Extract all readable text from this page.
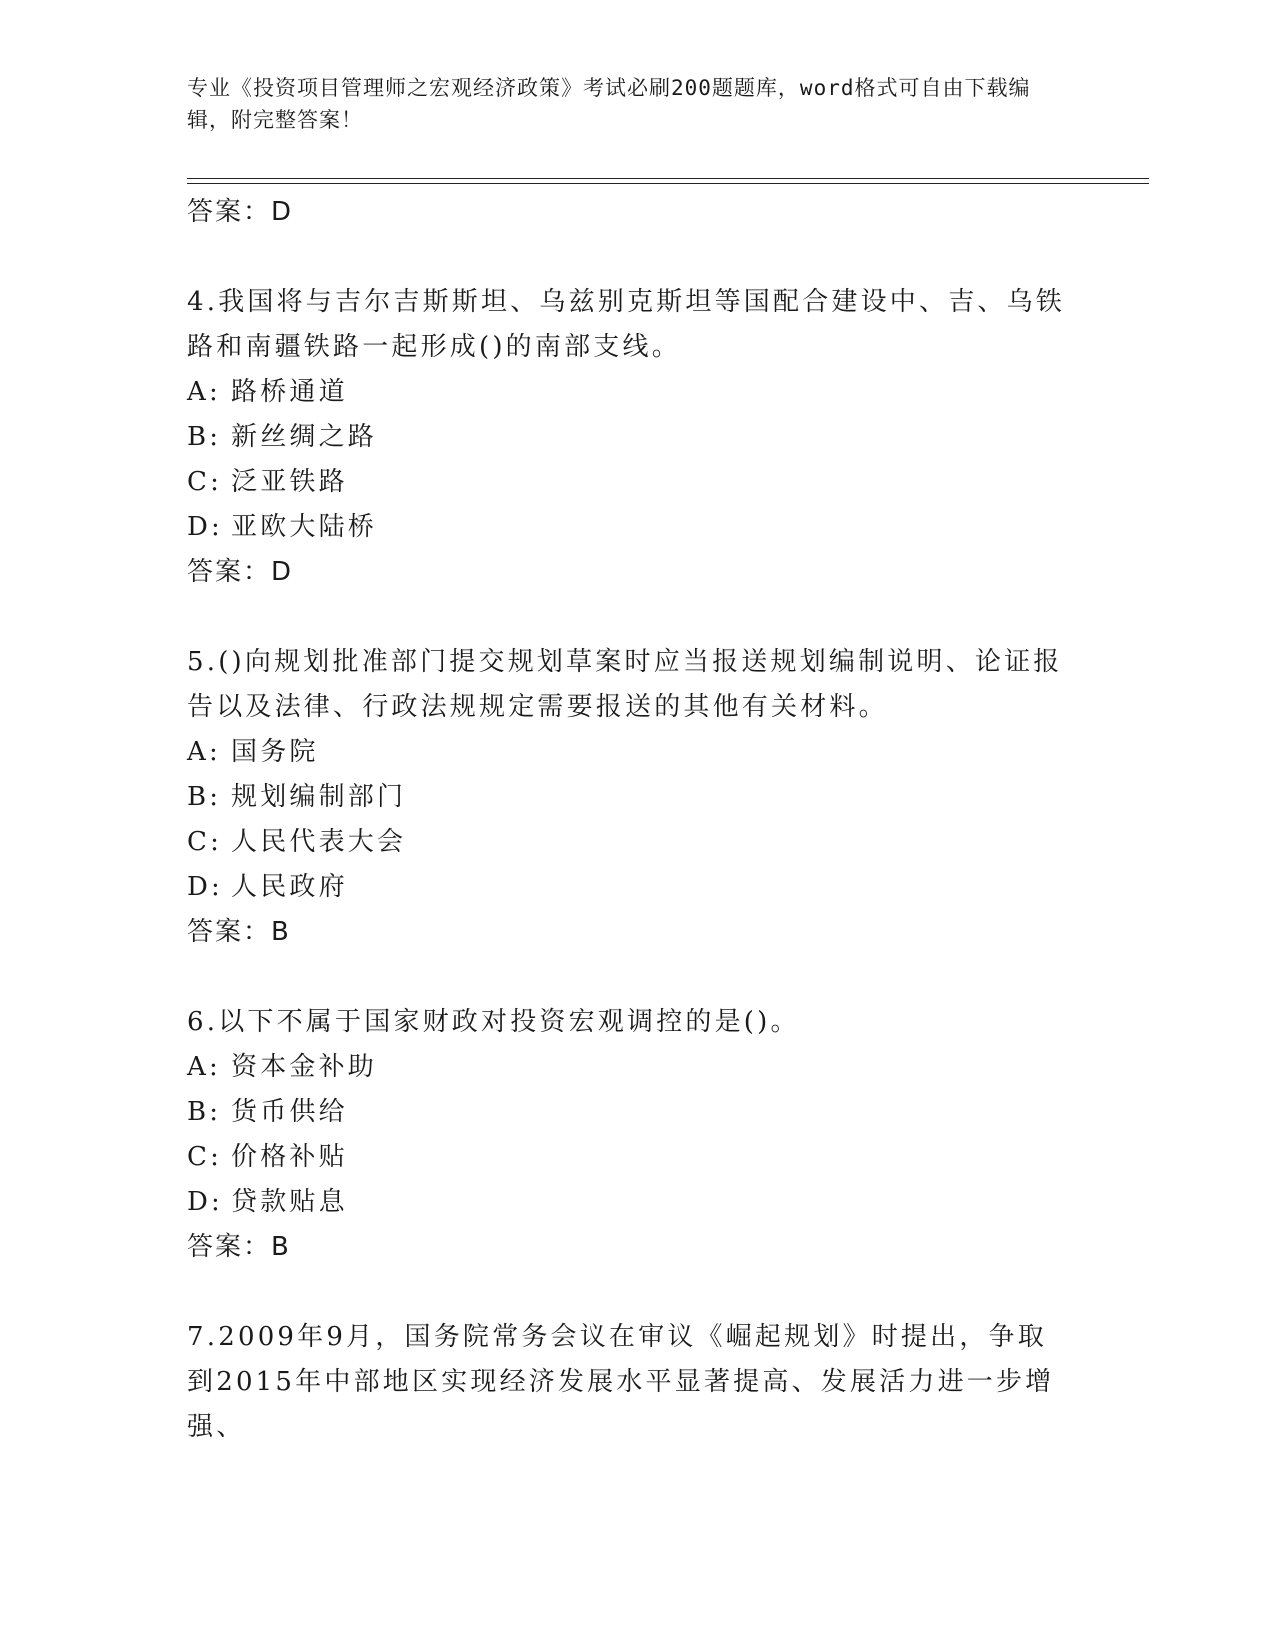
专业《投资项目管理师之宏观经济政策》考试必刷200题题库，word格式可自由下载编辑，附完整答案！
答案：D
4.我国将与吉尔吉斯斯坦、乌兹别克斯坦等国配合建设中、吉、乌铁路和南疆铁路一起形成()的南部支线。
A: 路桥通道
B: 新丝绸之路
C: 泛亚铁路
D: 亚欧大陆桥
答案：D
5.()向规划批准部门提交规划草案时应当报送规划编制说明、论证报告以及法律、行政法规规定需要报送的其他有关材料。
A: 国务院
B: 规划编制部门
C: 人民代表大会
D: 人民政府
答案：B
6.以下不属于国家财政对投资宏观调控的是()。
A: 资本金补助
B: 货币供给
C: 价格补贴
D: 贷款贴息
答案：B
7.2009年9月，国务院常务会议在审议《崛起规划》时提出，争取到2015年中部地区实现经济发展水平显著提高、发展活力进一步增强、
